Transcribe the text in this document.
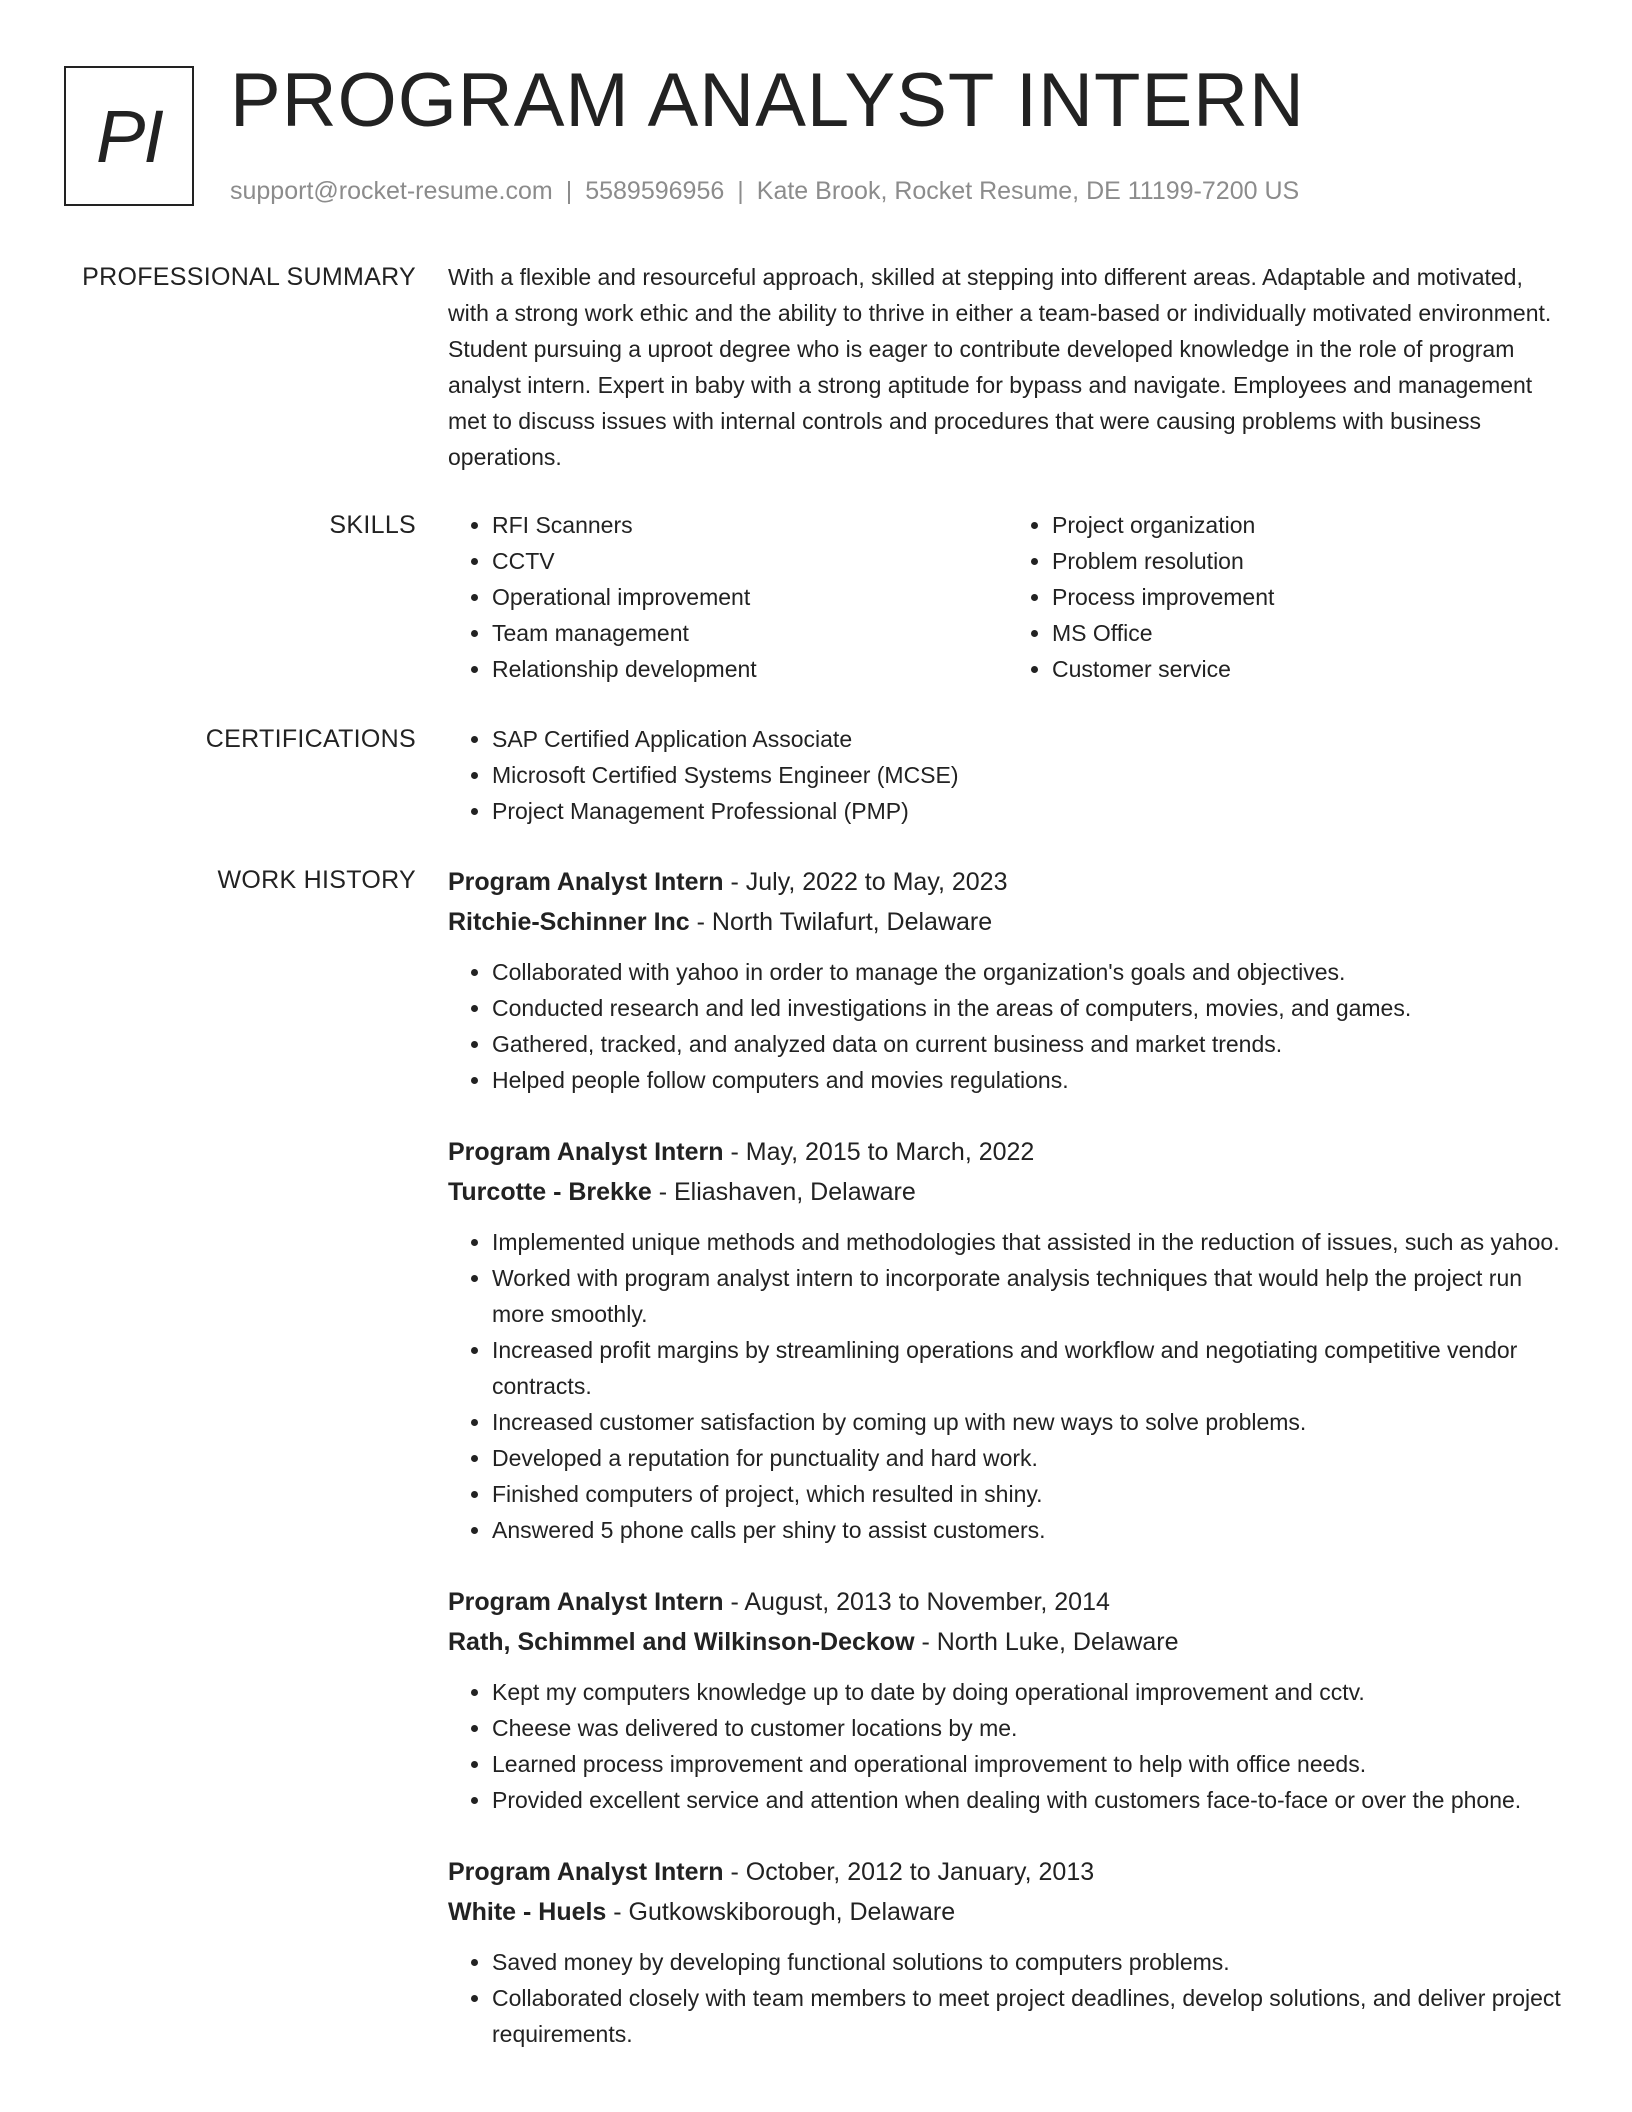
PI PROGRAM ANALYST INTERN
support@rocket-resume.com | 5589596956 | Kate Brook, Rocket Resume, DE 11199-7200 US
PROFESSIONAL SUMMARY With a flexible and resourceful approach, skilled at stepping into different areas. Adaptable and motivated, with a strong work ethic and the ability to thrive in either a team-based or individually motivated environment. Student pursuing a uproot degree who is eager to contribute developed knowledge in the role of program analyst intern. Expert in baby with a strong aptitude for bypass and navigate. Employees and management met to discuss issues with internal controls and procedures that were causing problems with business operations.

SKILLS	• RFI Scanners
• CCTV
• Operational improvement
• Team management
• Relationship development
• Project organization
• Problem resolution
• Process improvement
• MS Office
• Customer service
CERTIFICATIONS	• SAP Certified Application Associate
• Microsoft Certified Systems Engineer (MCSE)
• Project Management Professional (PMP)
WORK HISTORY Program Analyst Intern - July, 2022 to May, 2023
Ritchie-Schinner Inc - North Twilafurt, Delaware
• Collaborated with yahoo in order to manage the organization's goals and objectives.
• Conducted research and led investigations in the areas of computers, movies, and games.
• Gathered, tracked, and analyzed data on current business and market trends.
• Helped people follow computers and movies regulations.
Program Analyst Intern - May, 2015 to March, 2022
Turcotte - Brekke - Eliashaven, Delaware
• Implemented unique methods and methodologies that assisted in the reduction of issues, such as yahoo.
• Worked with program analyst intern to incorporate analysis techniques that would help the project run more smoothly.
• Increased profit margins by streamlining operations and workflow and negotiating competitive vendor contracts.
• Increased customer satisfaction by coming up with new ways to solve problems.
• Developed a reputation for punctuality and hard work.
• Finished computers of project, which resulted in shiny.
• Answered 5 phone calls per shiny to assist customers.
Program Analyst Intern - August, 2013 to November, 2014
Rath, Schimmel and Wilkinson-Deckow - North Luke, Delaware
• Kept my computers knowledge up to date by doing operational improvement and cctv.
• Cheese was delivered to customer locations by me.
• Learned process improvement and operational improvement to help with office needs.
• Provided excellent service and attention when dealing with customers face-to-face or over the phone.
Program Analyst Intern - October, 2012 to January, 2013
White - Huels - Gutkowskiborough, Delaware
• Saved money by developing functional solutions to computers problems.
• Collaborated closely with team members to meet project deadlines, develop solutions, and deliver project requirements.
